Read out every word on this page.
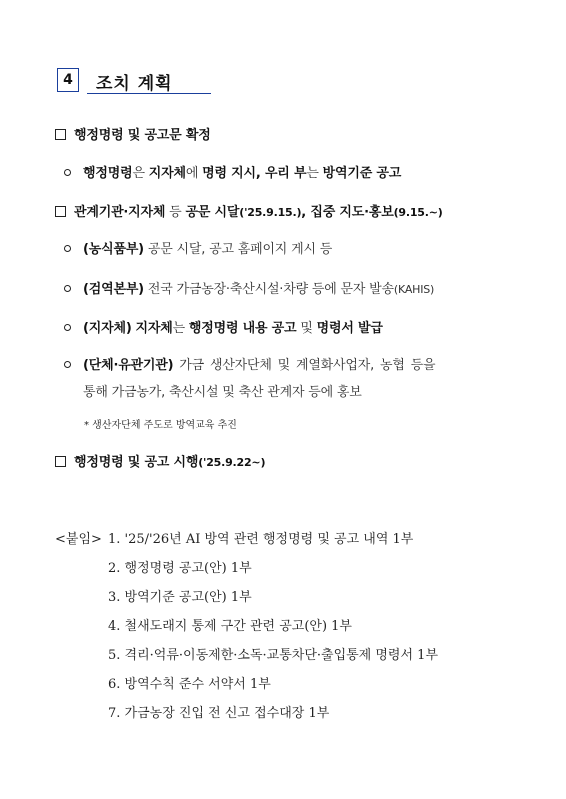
4 조치 계획
행정명령 및 공고문 확정
행정명령은 지자체에 명령 지시, 우리 부는 방역기준 공고
관계기관·지자체 등 공문 시달('25.9.15.), 집중 지도·홍보(9.15.~)
(농식품부) 공문 시달, 공고 홈페이지 게시 등
(검역본부) 전국 가금농장·축산시설·차량 등에 문자 발송(KAHIS)
(지자체) 지자체는 행정명령 내용 공고 및 명령서 발급
(단체·유관기관) 가금 생산자단체 및 계열화사업자, 농협 등을
통해 가금농가, 축산시설 및 축산 관계자 등에 홍보
* 생산자단체 주도로 방역교육 추진
행정명령 및 공고 시행('25.9.22~)
<붙임> 1. '25/'26년 AI 방역 관련 행정명령 및 공고 내역 1부
2. 행정명령 공고(안) 1부
3. 방역기준 공고(안) 1부
4. 철새도래지 통제 구간 관련 공고(안) 1부
5. 격리·억류·이동제한·소독·교통차단·출입통제 명령서 1부
6. 방역수칙 준수 서약서 1부
7. 가금농장 진입 전 신고 접수대장 1부
